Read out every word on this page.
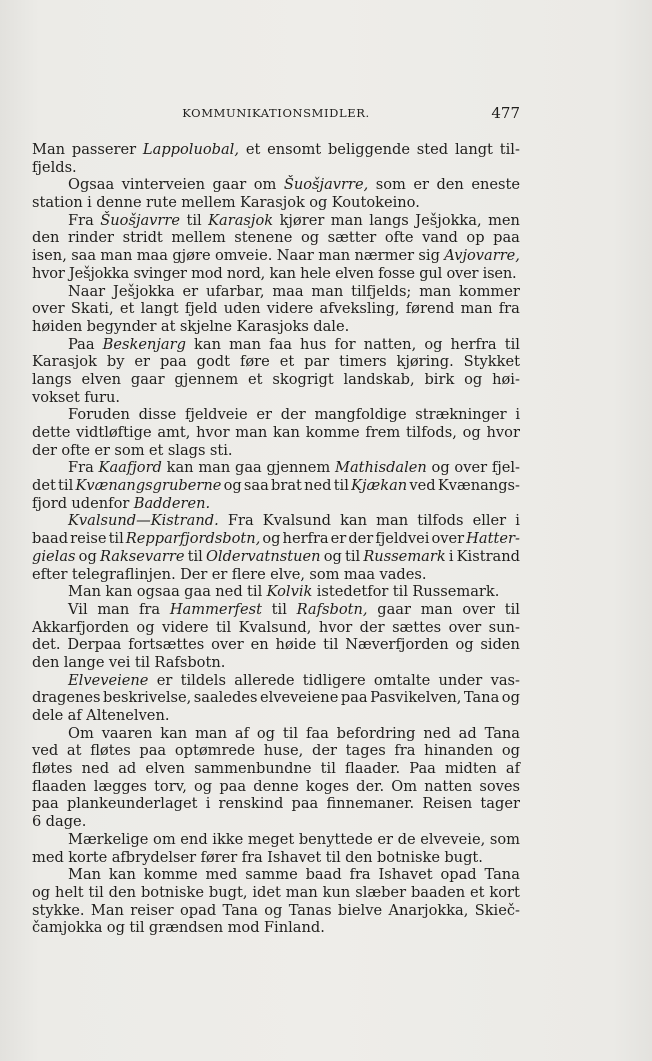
KOMMUNIKATIONSMIDLER.	477
Man passerer Lappoluobal, et ensomt beliggende sted langt til-
fjelds.
Ogsaa vinterveien gaar om Šuošjavrre, som er den eneste
station i denne rute mellem Karasjok og Koutokeino.
Fra Šuošjavrre til Karasjok kjører man langs Ješjokka, men
den rinder stridt mellem stenene og sætter ofte vand op paa
isen, saa man maa gjøre omveie. Naar man nærmer sig Avjovarre,
hvor Ješjokka svinger mod nord, kan hele elven fosse gul over isen.
Naar Ješjokka er ufarbar, maa man tilfjelds; man kommer
over Skati, et langt fjeld uden videre afveksling, førend man fra
høiden begynder at skjelne Karasjoks dale.
Paa Beskenjarg kan man faa hus for natten, og herfra til
Karasjok by er paa godt føre et par timers kjøring. Stykket
langs elven gaar gjennem et skogrigt landskab, birk og høi-
vokset furu.
Foruden disse fjeldveie er der mangfoldige strækninger i
dette vidtløftige amt, hvor man kan komme frem tilfods, og hvor
der ofte er som et slags sti.
Fra Kaafjord kan man gaa gjennem Mathisdalen og over fjel-
det til Kvænangsgruberne og saa brat ned til Kjækan ved Kvænangs-
fjord udenfor Badderen.
Kvalsund—Kistrand. Fra Kvalsund kan man tilfods eller i
baad reise til Repparfjordsbotn, og herfra er der fjeldvei over Hatter-
gielas og Raksevarre til Oldervatnstuen og til Russemark i Kistrand
efter telegraflinjen. Der er flere elve, som maa vades.
Man kan ogsaa gaa ned til Kolvik istedetfor til Russemark.
Vil man fra Hammerfest til Rafsbotn, gaar man over til
Akkarfjorden og videre til Kvalsund, hvor der sættes over sun-
det. Derpaa fortsættes over en høide til Næverfjorden og siden
den lange vei til Rafsbotn.
Elveveiene er tildels allerede tidligere omtalte under vas-
dragenes beskrivelse, saaledes elveveiene paa Pasvikelven, Tana og
dele af Altenelven.
Om vaaren kan man af og til faa befordring ned ad Tana
ved at fløtes paa optømrede huse, der tages fra hinanden og
fløtes ned ad elven sammenbundne til flaader. Paa midten af
flaaden lægges torv, og paa denne koges der. Om natten soves
paa plankeunderlaget i renskind paa finnemaner. Reisen tager
6 dage.
Mærkelige om end ikke meget benyttede er de elveveie, som
med korte afbrydelser fører fra Ishavet til den botniske bugt.
Man kan komme med samme baad fra Ishavet opad Tana
og helt til den botniske bugt, idet man kun slæber baaden et kort
stykke. Man reiser opad Tana og Tanas bielve Anarjokka, Skieč-
čamjokka og til grændsen mod Finland.
